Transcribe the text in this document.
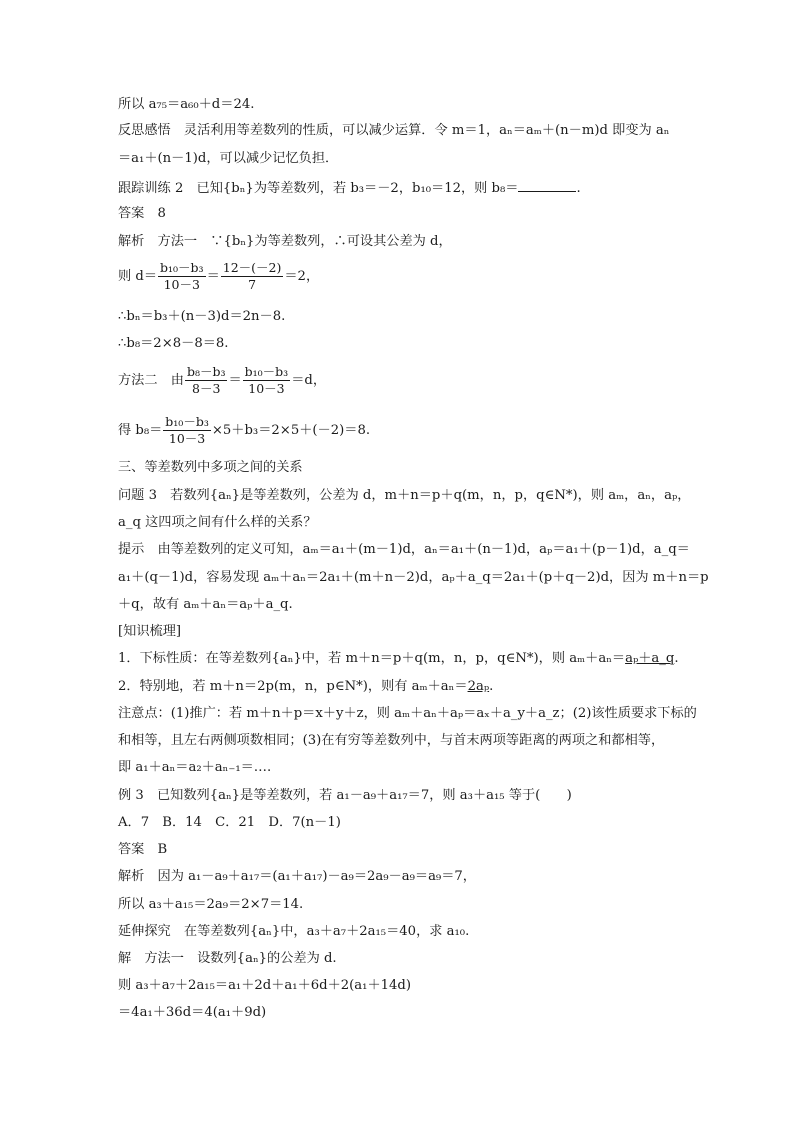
所以 a₇₅＝a₆₀＋d＝24.
反思感悟　灵活利用等差数列的性质，可以减少运算．令 m＝1，aₙ＝aₘ＋(n－m)d 即变为 aₙ
＝a₁＋(n－1)d，可以减少记忆负担．
跟踪训练 2　已知{bₙ}为等差数列，若 b₃＝－2，b₁₀＝12，则 b₈＝	.
答案　8
解析　方法一　∵{bₙ}为等差数列，∴可设其公差为 d，
则 $d= \frac{\text{b₁₀－b₃}}{10-3} = \frac{12-(-2)}{7} =2$，
∴bₙ＝b₃＋(n－3)d＝2n－8.
∴b₈＝2×8－8＝8.
方法二　由 $\frac{\text{b₈－b₃}}{8-3} = \frac{\text{b₁₀－b₃}}{10-3} =d$，
得 $b_8= \frac{\text{b₁₀－b₃}}{10-3} \times 5+b_3=2\times 5+(-2)=8$.
三、等差数列中多项之间的关系
问题 3　若数列{aₙ}是等差数列，公差为 d，m＋n＝p＋q(m，n，p，q∈N*)，则 aₘ，aₙ，aₚ，
a_q 这四项之间有什么样的关系？
提示　由等差数列的定义可知，aₘ＝a₁＋(m－1)d，aₙ＝a₁＋(n－1)d，aₚ＝a₁＋(p－1)d，a_q＝
a₁＋(q－1)d，容易发现 aₘ＋aₙ＝2a₁＋(m＋n－2)d，aₚ＋a_q＝2a₁＋(p＋q－2)d，因为 m＋n＝p
＋q，故有 aₘ＋aₙ＝aₚ＋a_q.
[知识梳理]
1．下标性质：在等差数列{aₙ}中，若 m＋n＝p＋q(m，n，p，q∈N*)，则 aₘ＋aₙ＝aₚ＋a_q.
2．特别地，若 m＋n＝2p(m，n，p∈N*)，则有 aₘ＋aₙ＝2aₚ.
注意点：(1)推广：若 m＋n＋p＝x＋y＋z，则 aₘ＋aₙ＋aₚ＝aₓ＋a_y＋a_z；(2)该性质要求下标的
和相等，且左右两侧项数相同；(3)在有穷等差数列中，与首末两项等距离的两项之和都相等，
即 a₁＋aₙ＝a₂＋aₙ₋₁＝….
例 3　已知数列{aₙ}是等差数列，若 a₁－a₉＋a₁₇＝7，则 a₃＋a₁₅ 等于(　　)
A．7　B．14　C．21　D．7(n－1)
答案　B
解析　因为 a₁－a₉＋a₁₇＝(a₁＋a₁₇)－a₉＝2a₉－a₉＝a₉＝7，
所以 a₃＋a₁₅＝2a₉＝2×7＝14.
延伸探究　在等差数列{aₙ}中，a₃＋a₇＋2a₁₅＝40，求 a₁₀.
解　方法一　设数列{aₙ}的公差为 d.
则 a₃＋a₇＋2a₁₅＝a₁＋2d＋a₁＋6d＋2(a₁＋14d)
＝4a₁＋36d＝4(a₁＋9d)
